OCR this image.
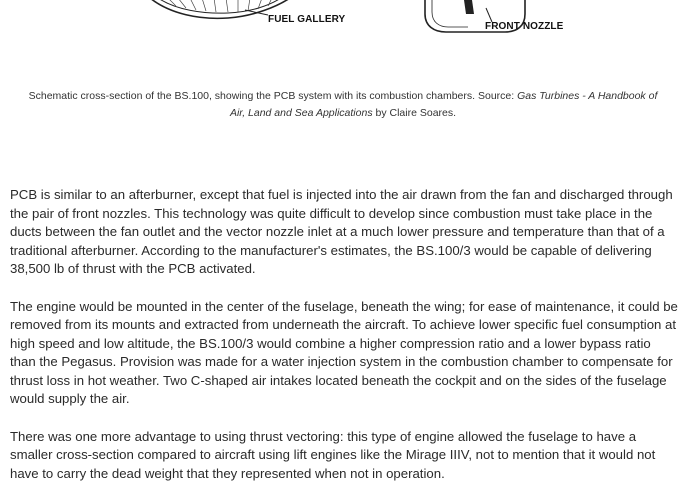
FUEL GALLERY
FRONT NOZZLE
Schematic cross-section of the BS.100, showing the PCB system with its combustion chambers. Source: Gas Turbines - A Handbook of
Air, Land and Sea Applications by Claire Soares.

PCB is similar to an afterburner, except that fuel is injected into the air drawn from the fan and discharged through the pair of front nozzles. This technology was quite difficult to develop since combustion must take place in the ducts between the fan outlet and the vector nozzle inlet at a much lower pressure and temperature than that of a traditional afterburner. According to the manufacturer's estimates, the BS.100/3 would be capable of delivering 38,500 lb of thrust with the PCB activated.

The engine would be mounted in the center of the fuselage, beneath the wing; for ease of maintenance, it could be removed from its mounts and extracted from underneath the aircraft. To achieve lower specific fuel consumption at high speed and low altitude, the BS.100/3 would combine a higher compression ratio and a lower bypass ratio than the Pegasus. Provision was made for a water injection system in the combustion chamber to compensate for thrust loss in hot weather. Two C-shaped air intakes located beneath the cockpit and on the sides of the fuselage would supply the air.

There was one more advantage to using thrust vectoring: this type of engine allowed the fuselage to have a smaller cross-section compared to aircraft using lift engines like the Mirage IIIV, not to mention that it would not have to carry the dead weight that they represented when not in operation.
